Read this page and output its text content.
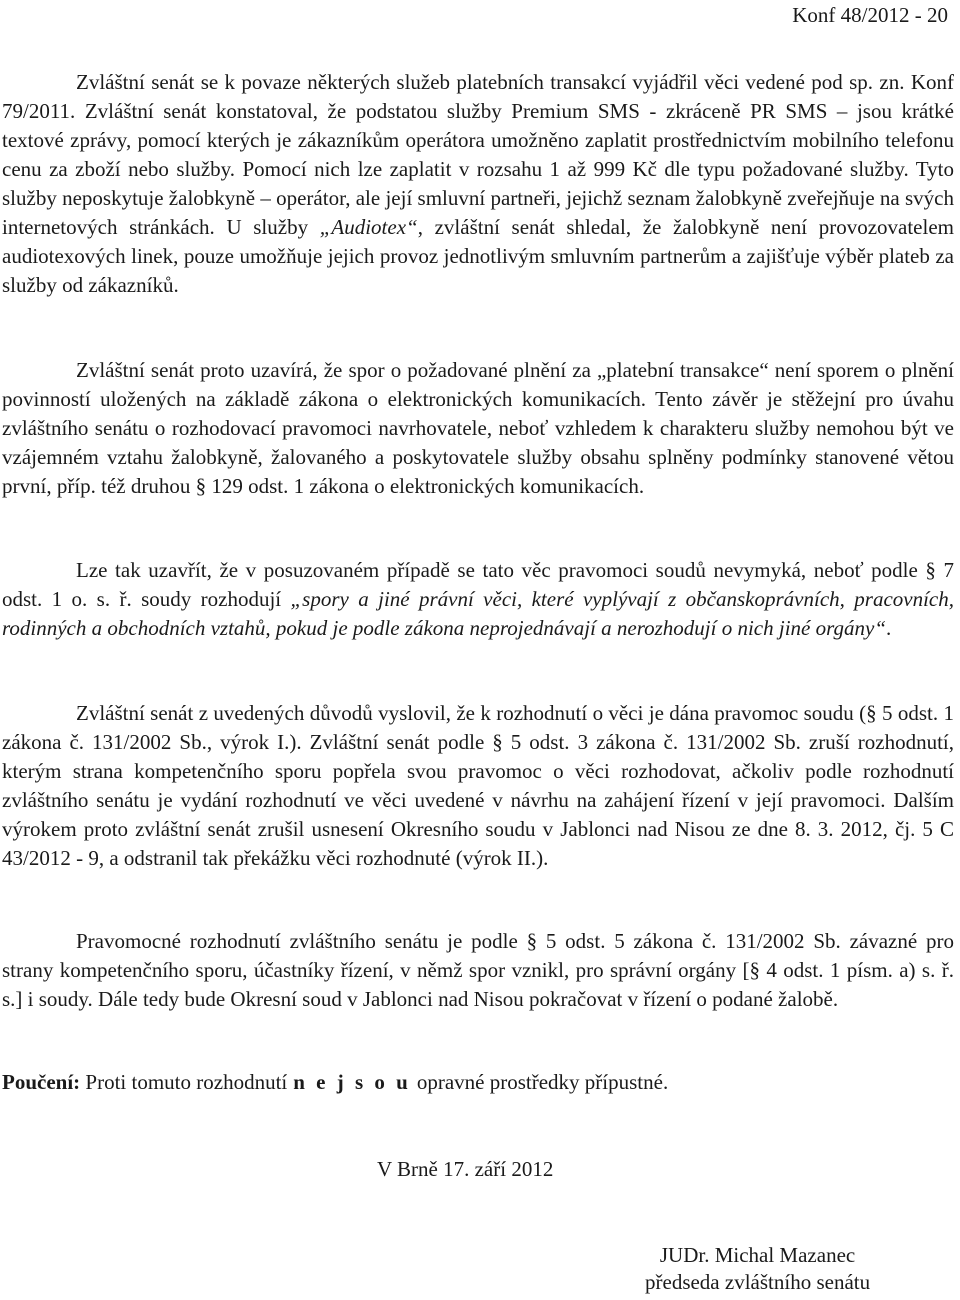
Konf 48/2012 - 20

Zvláštní senát se k povaze některých služeb platebních transakcí vyjádřil věci vedené pod sp. zn. Konf 79/2011. Zvláštní senát konstatoval, že podstatou služby Premium SMS - zkráceně PR SMS – jsou krátké textové zprávy, pomocí kterých je zákazníkům operátora umožněno zaplatit prostřednictvím mobilního telefonu cenu za zboží nebo služby. Pomocí nich lze zaplatit v rozsahu 1 až 999 Kč dle typu požadované služby. Tyto služby neposkytuje žalobkyně – operátor, ale její smluvní partneři, jejichž seznam žalobkyně zveřejňuje na svých internetových stránkách. U služby „Audiotex“, zvláštní senát shledal, že žalobkyně není provozovatelem audiotexových linek, pouze umožňuje jejich provoz jednotlivým smluvním partnerům a zajišťuje výběr plateb za služby od zákazníků.

Zvláštní senát proto uzavírá, že spor o požadované plnění za „platební transakce“ není sporem o plnění povinností uložených na základě zákona o elektronických komunikacích. Tento závěr je stěžejní pro úvahu zvláštního senátu o rozhodovací pravomoci navrhovatele, neboť vzhledem k charakteru služby nemohou být ve vzájemném vztahu žalobkyně, žalovaného a poskytovatele služby obsahu splněny podmínky stanovené větou první, příp. též druhou § 129 odst. 1 zákona o elektronických komunikacích.

Lze tak uzavřít, že v posuzovaném případě se tato věc pravomoci soudů nevymyká, neboť podle § 7 odst. 1 o. s. ř. soudy rozhodují „spory a jiné právní věci, které vyplývají z občanskoprávních, pracovních, rodinných a obchodních vztahů, pokud je podle zákona neprojednávají a nerozhodují o nich jiné orgány“.

Zvláštní senát z uvedených důvodů vyslovil, že k rozhodnutí o věci je dána pravomoc soudu (§ 5 odst. 1 zákona č. 131/2002 Sb., výrok I.). Zvláštní senát podle § 5 odst. 3 zákona č. 131/2002 Sb. zruší rozhodnutí, kterým strana kompetenčního sporu popřela svou pravomoc o věci rozhodovat, ačkoliv podle rozhodnutí zvláštního senátu je vydání rozhodnutí ve věci uvedené v návrhu na zahájení řízení v její pravomoci. Dalším výrokem proto zvláštní senát zrušil usnesení Okresního soudu v Jablonci nad Nisou ze dne 8. 3. 2012, čj. 5 C 43/2012 - 9, a odstranil tak překážku věci rozhodnuté (výrok II.).

Pravomocné rozhodnutí zvláštního senátu je podle § 5 odst. 5 zákona č. 131/2002 Sb. závazné pro strany kompetenčního sporu, účastníky řízení, v němž spor vznikl, pro správní orgány [§ 4 odst. 1 písm. a) s. ř. s.] i soudy. Dále tedy bude Okresní soud v Jablonci nad Nisou pokračovat v řízení o podané žalobě.

Poučení: Proti tomuto rozhodnutí n e j s o u opravné prostředky přípustné.
V Brně 17. září 2012
JUDr. Michal Mazanec
předseda zvláštního senátu
